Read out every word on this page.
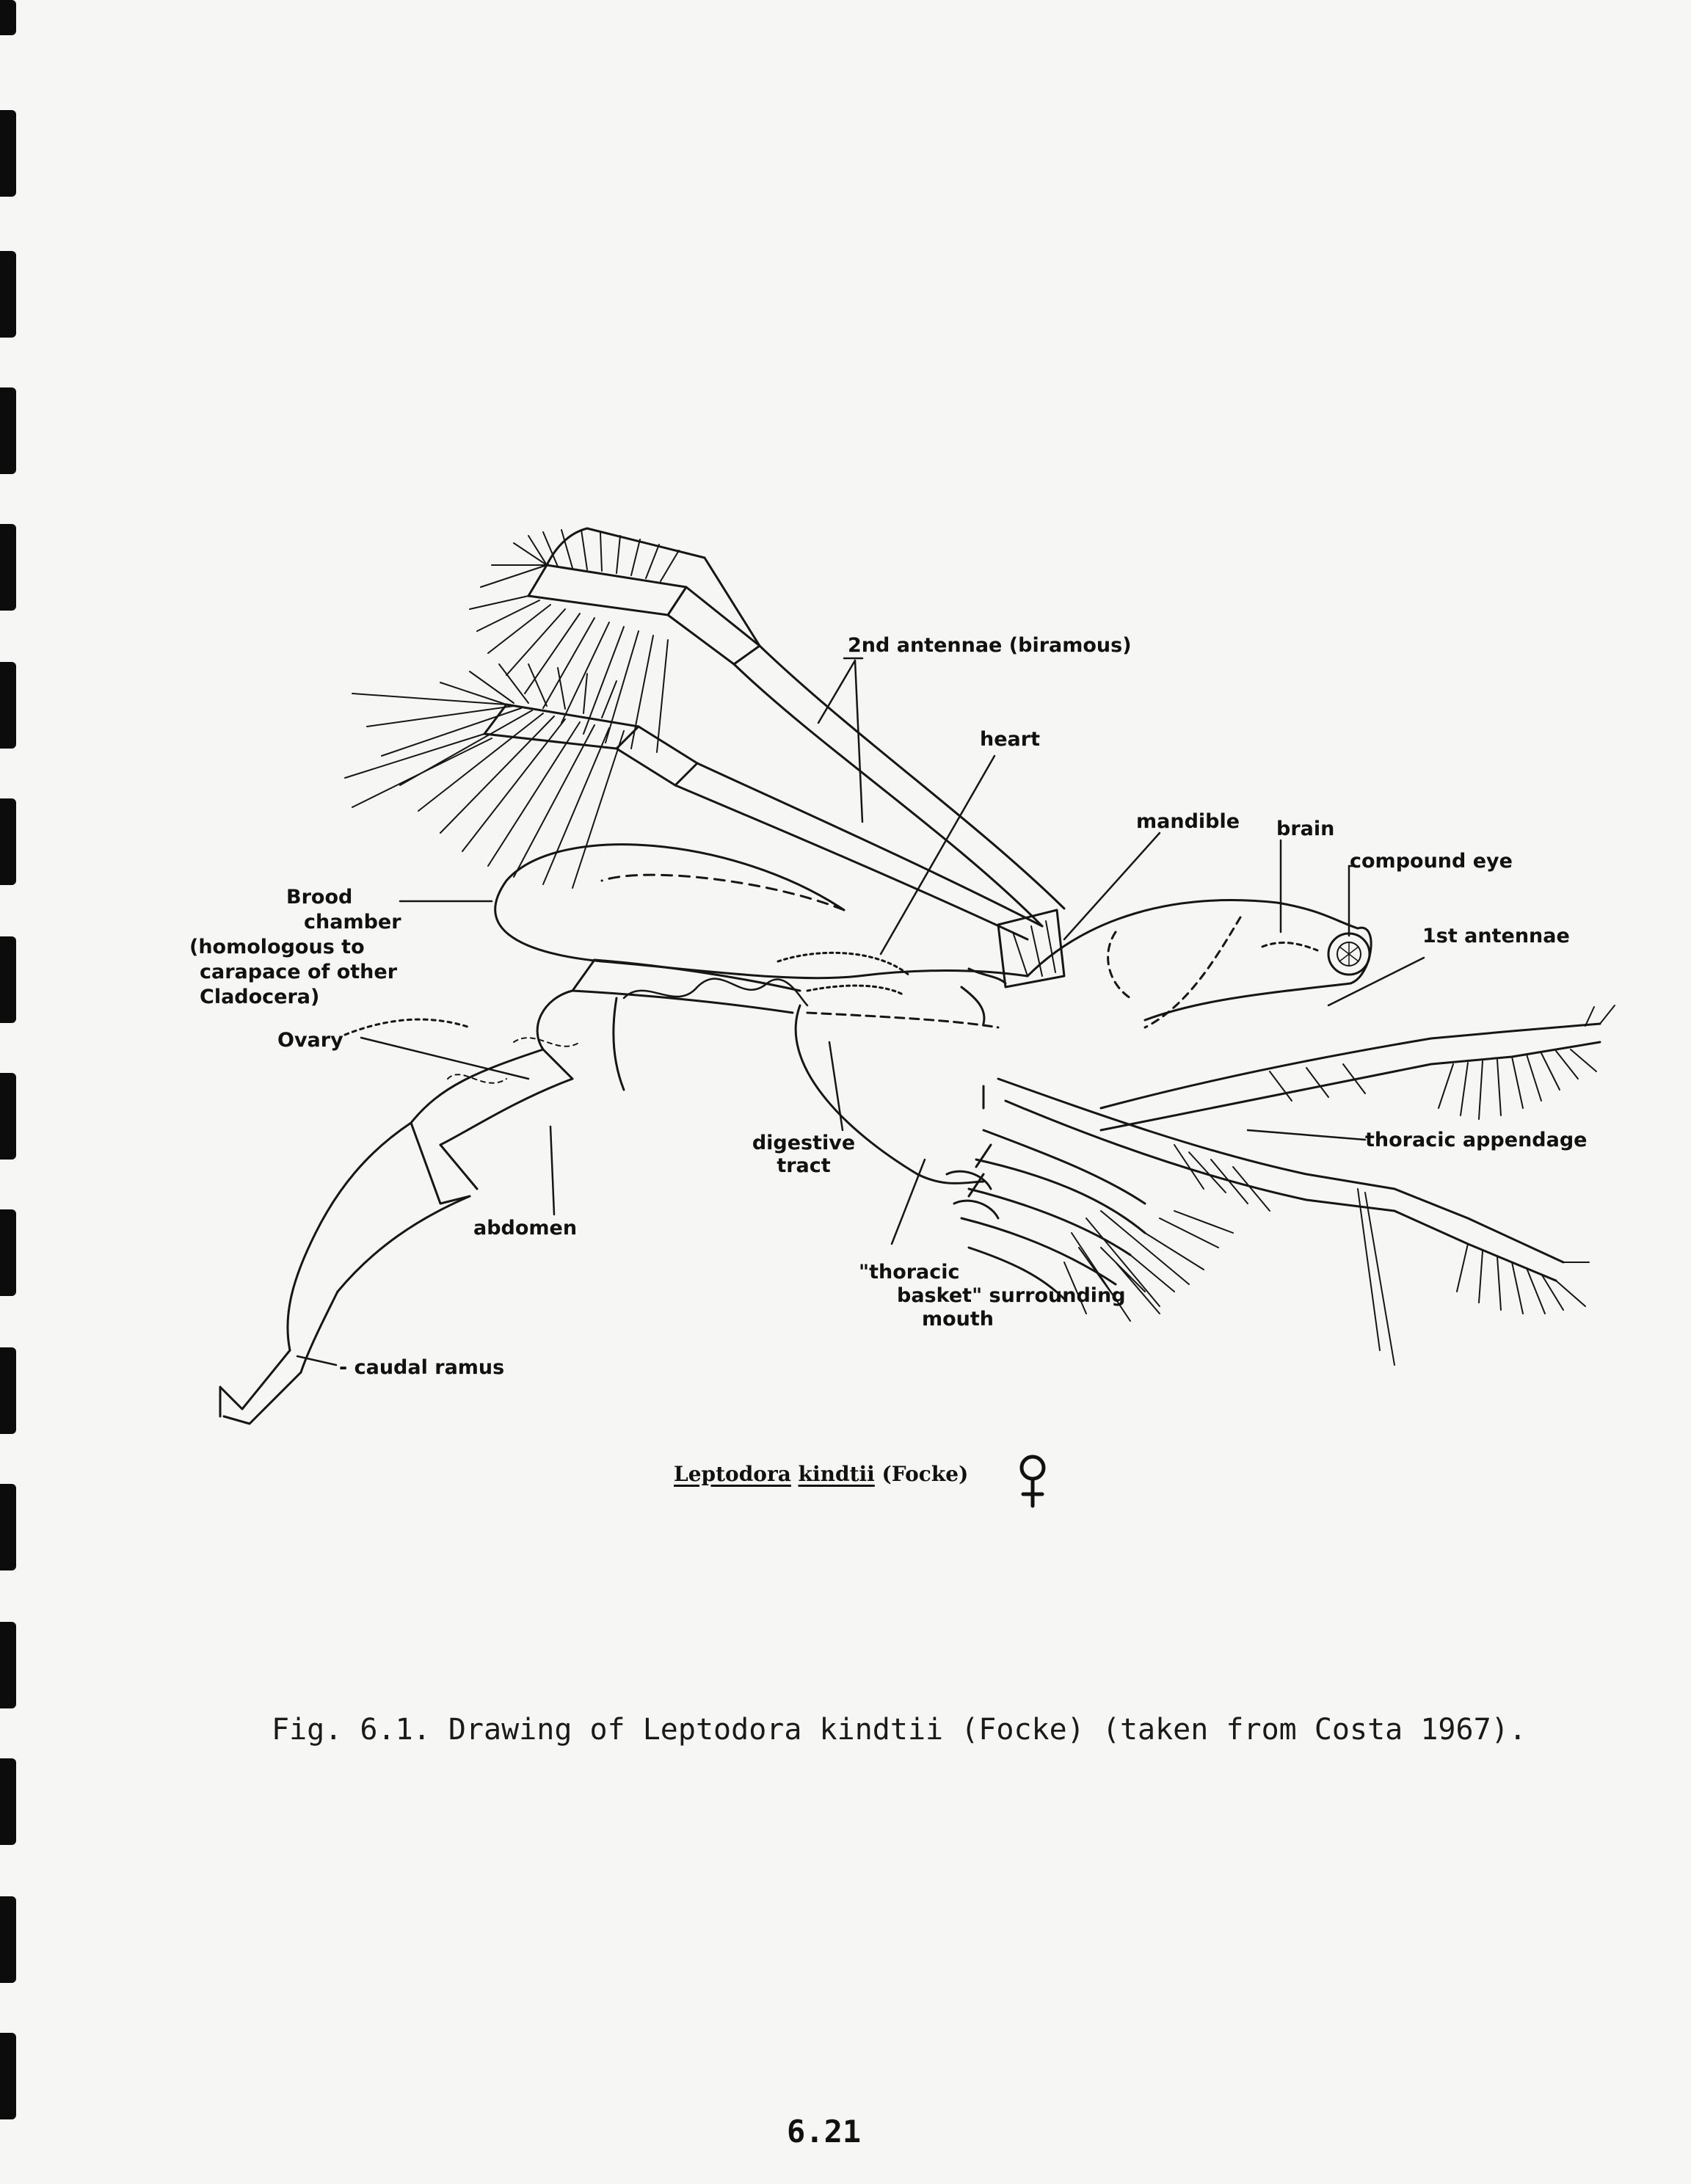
2nd antennae (biramous)
heart
mandible brain
compound eye
1st antennae
Brood
chamber
(homologous to
carapace of other
Cladocera)
Ovary
digestive
tract
thoracic appendage
abdomen
"thoracic
basket" surrounding
mouth
- caudal ramus
Leptodora kindtii (Focke)
Fig. 6.1. Drawing of Leptodora kindtii (Focke) (taken from Costa 1967).
6.21
